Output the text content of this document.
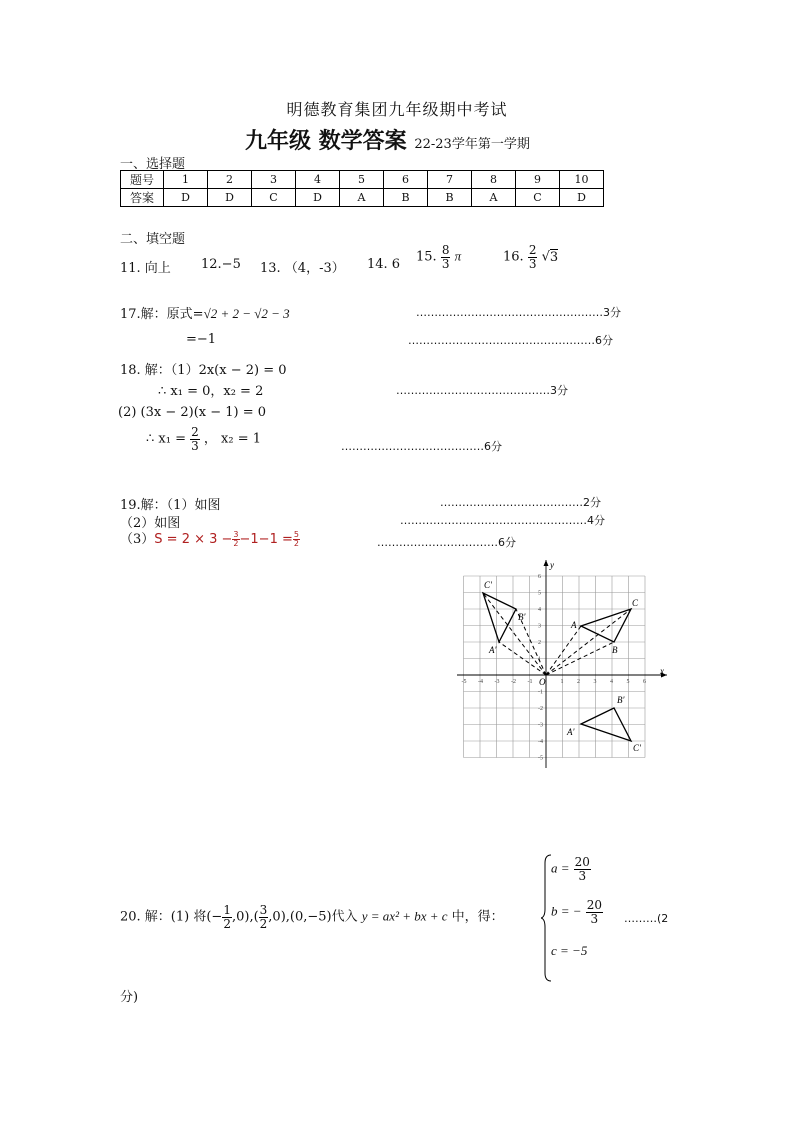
明德教育集团九年级期中考试
九年级 数学答案 22-23学年第一学期
一、选择题
题号	1	2	3	4	5	6	7	8	9	10
答案	D	D	C	D	A	B	B	A	C	D
二、填空题
11. 向上 12.−5 13. （4，-3） 14. 6 15. $\frac{8}{3}$ π	16. $\frac{2}{3} √3$
17.解：原式=√2 + 2 − √2 − 3	……………………………………………3分
=−1	……………………………………………6分
18. 解：（1）2x(x − 2) = 0
∴ x₁ = 0，x₂ = 2	……………………………………3分
(2) (3x − 2)(x − 1) = 0
∴ $x_1 = \frac{2}{3}$ ， x₂ = 1	…………………………………6分
19.解：（1）如图	…………………………………2分
（2）如图	……………………………………………4分
$(3)S = 2 \times 3 - \frac{3}{2} -1-1 = \frac{5}{2}$	……………………………6分
-5 -4 -3 -2 -1	1 2 3 4 5 6
6
5
4
3
2
1
-1
-2
-3
-4
-5
x
y
O
A
B
C
A'
B'
C'
A'
B'
C'
20. 解：(1) 将(− $\frac{1}{2} ,0),( \frac{3}{2} ,0),(0,-5)$代入 y = ax² + bx + c 中，得：
$a = \frac{20}{3}$
b = − $\frac{20}{3}$
c = −5
………(2
分)
